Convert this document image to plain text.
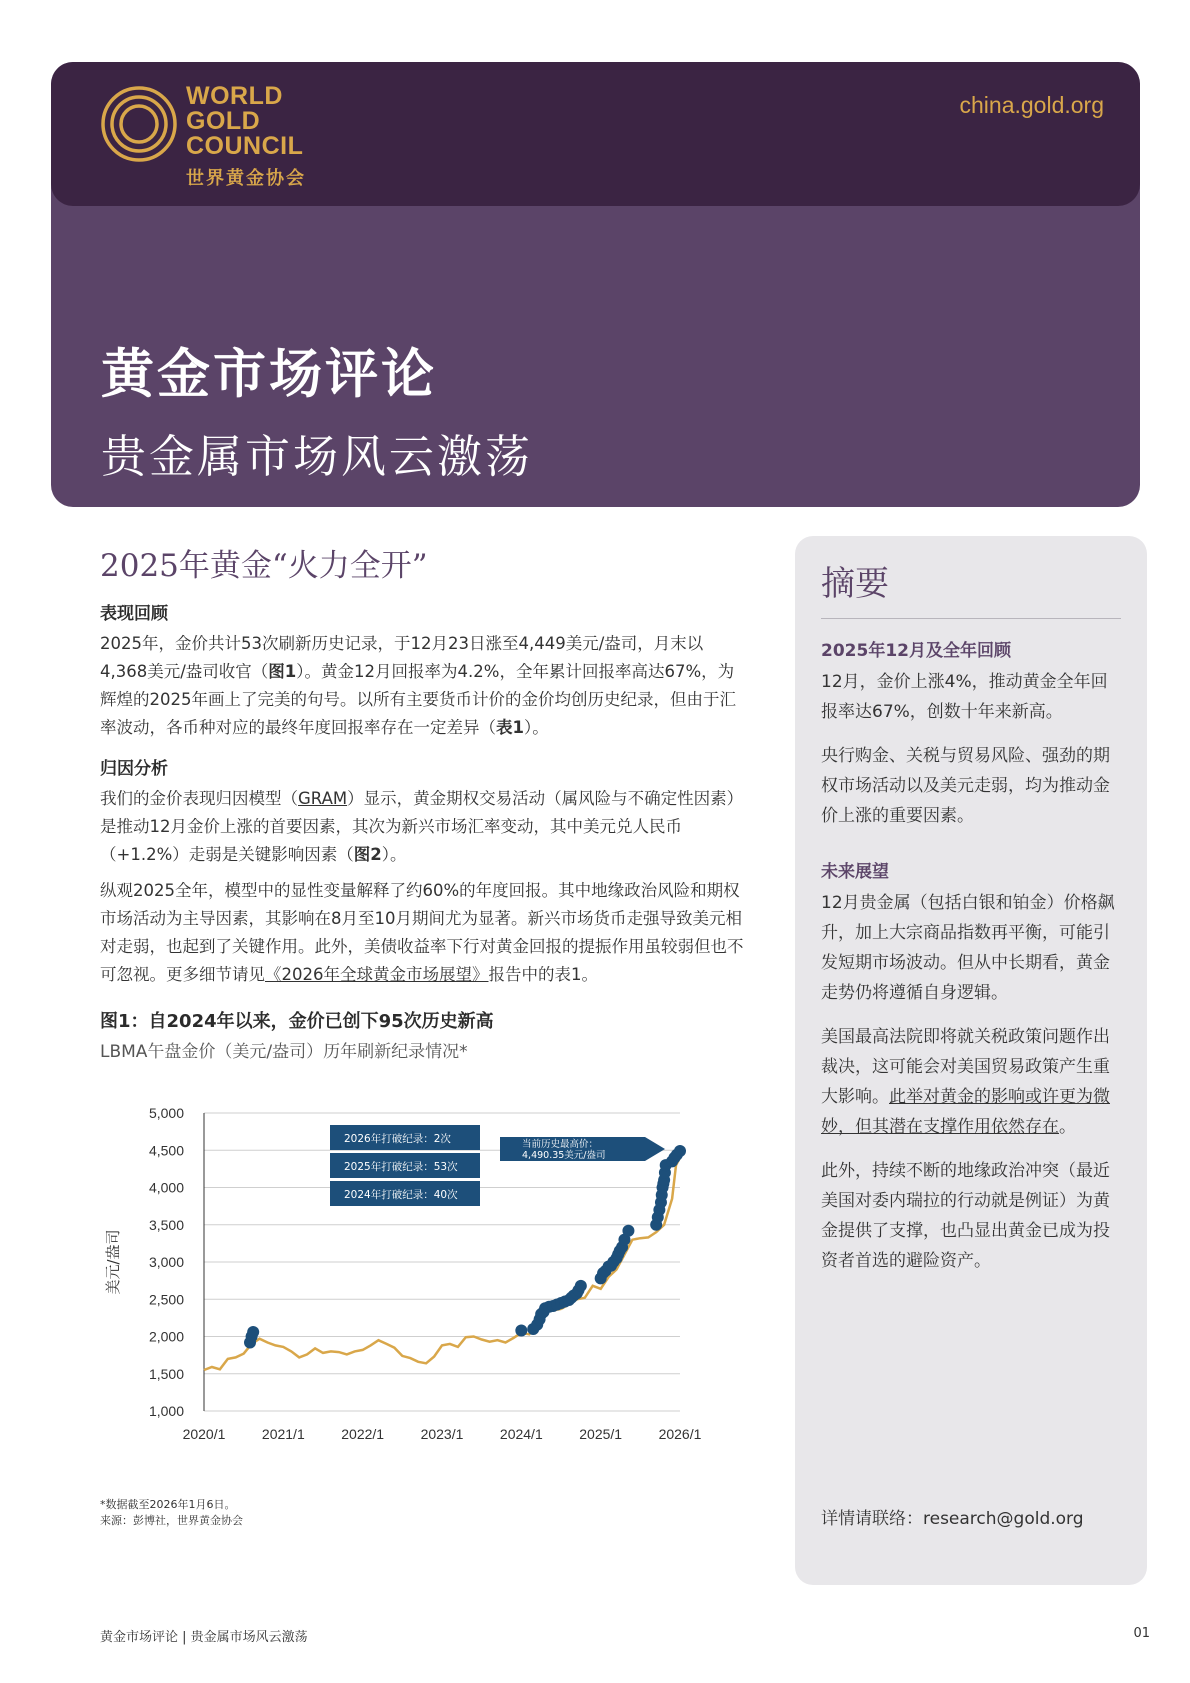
WORLD
GOLD
COUNCIL
世界黄金协会
china.gold.org
黄金市场评论
贵金属市场风云激荡
2025年黄金“火力全开”
表现回顾

2025年，金价共计53次刷新历史记录，于12月23日涨至4,449美元/盎司，月末以4,368美元/盎司收官（图1）。黄金12月回报率为4.2%，全年累计回报率高达67%，为辉煌的2025年画上了完美的句号。以所有主要货币计价的金价均创历史纪录，但由于汇率波动，各币种对应的最终年度回报率存在一定差异（表1）。

归因分析

我们的金价表现归因模型（GRAM）显示，黄金期权交易活动（属风险与不确定性因素）是推动12月金价上涨的首要因素，其次为新兴市场汇率变动，其中美元兑人民币（+1.2%）走弱是关键影响因素（图2）。

纵观2025全年，模型中的显性变量解释了约60%的年度回报。其中地缘政治风险和期权市场活动为主导因素，其影响在8月至10月期间尤为显著。新兴市场货币走强导致美元相对走弱，也起到了关键作用。此外，美债收益率下行对黄金回报的提振作用虽较弱但也不可忽视。更多细节请见《2026年全球黄金市场展望》报告中的表1。

图1：自2024年以来，金价已创下95次历史新高
LBMA午盘金价（美元/盎司）历年刷新纪录情况*
1,000
1,500
2,000
2,500
3,000
3,500
4,000
4,500
5,000
2020/1	2021/1	2022/1	2023/1	2024/1	2025/1	2026/1
美元/盎司
2026年打破纪录：2次
2025年打破纪录：53次
2024年打破纪录：40次
当前历史最高价：
4,490.35美元/盎司
*数据截至2026年1月6日。
来源：彭博社，世界黄金协会
摘要
2025年12月及全年回顾

12月，金价上涨4%，推动黄金全年回报率达67%，创数十年来新高。

央行购金、关税与贸易风险、强劲的期权市场活动以及美元走弱，均为推动金价上涨的重要因素。

未来展望

12月贵金属（包括白银和铂金）价格飙升，加上大宗商品指数再平衡，可能引发短期市场波动。但从中长期看，黄金走势仍将遵循自身逻辑。

美国最高法院即将就关税政策问题作出裁决，这可能会对美国贸易政策产生重大影响。此举对黄金的影响或许更为微妙，但其潜在支撑作用依然存在。

此外，持续不断的地缘政治冲突（最近美国对委内瑞拉的行动就是例证）为黄金提供了支撑，也凸显出黄金已成为投资者首选的避险资产。

详情请联络：research@gold.org
黄金市场评论 | 贵金属市场风云激荡	01
